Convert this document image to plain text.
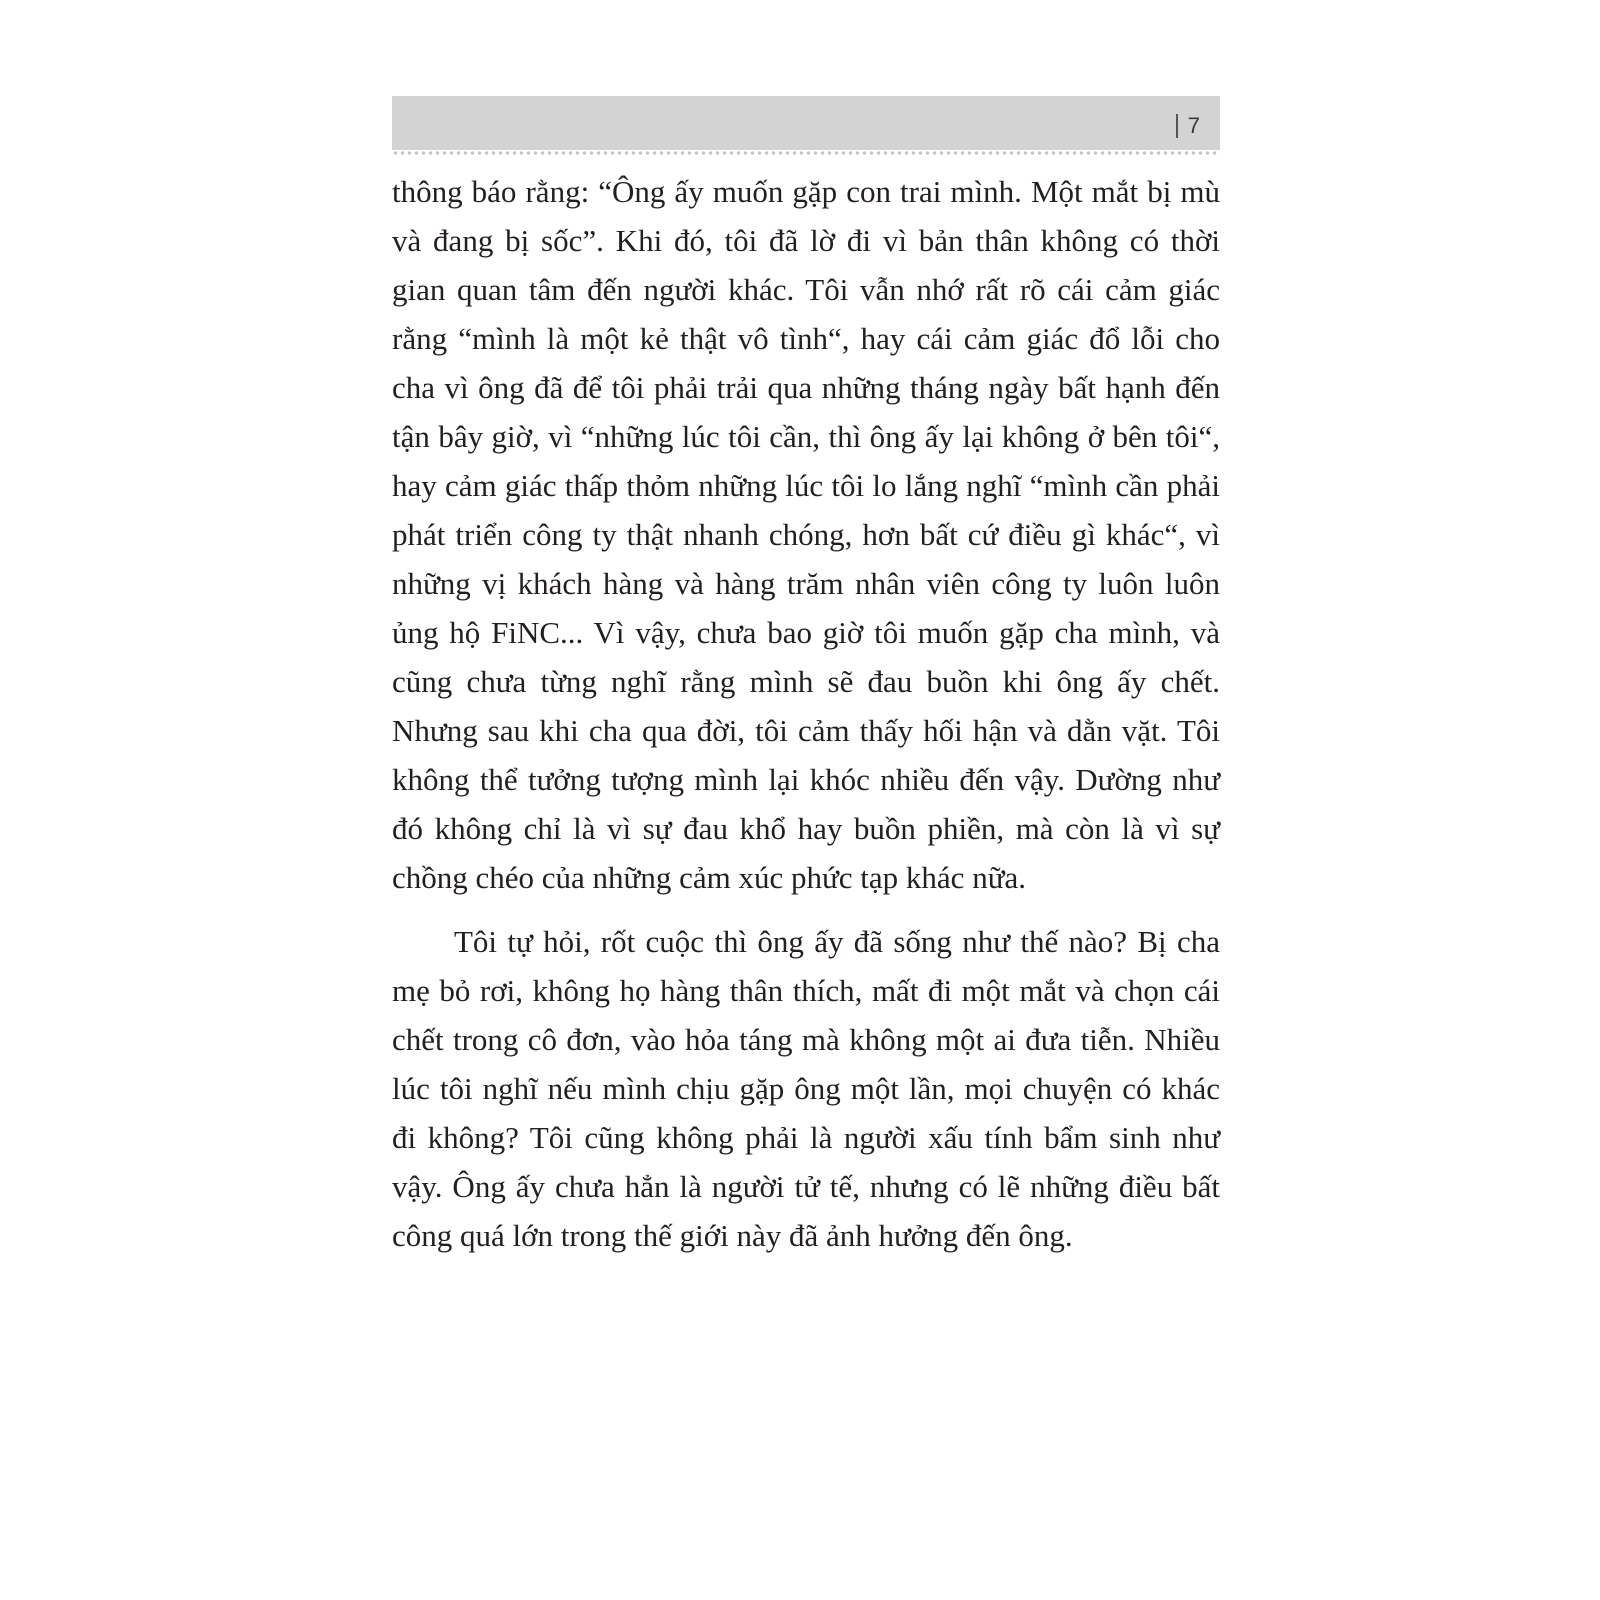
7

thông báo rằng: “Ông ấy muốn gặp con trai mình. Một mắt bị mù và đang bị sốc”. Khi đó, tôi đã lờ đi vì bản thân không có thời gian quan tâm đến người khác. Tôi vẫn nhớ rất rõ cái cảm giác rằng “mình là một kẻ thật vô tình“, hay cái cảm giác đổ lỗi cho cha vì ông đã để tôi phải trải qua những tháng ngày bất hạnh đến tận bây giờ, vì “những lúc tôi cần, thì ông ấy lại không ở bên tôi“, hay cảm giác thấp thỏm những lúc tôi lo lắng nghĩ “mình cần phải phát triển công ty thật nhanh chóng, hơn bất cứ điều gì khác“, vì những vị khách hàng và hàng trăm nhân viên công ty luôn luôn ủng hộ FiNC... Vì vậy, chưa bao giờ tôi muốn gặp cha mình, và cũng chưa từng nghĩ rằng mình sẽ đau buồn khi ông ấy chết. Nhưng sau khi cha qua đời, tôi cảm thấy hối hận và dằn vặt. Tôi không thể tưởng tượng mình lại khóc nhiều đến vậy. Dường như đó không chỉ là vì sự đau khổ hay buồn phiền, mà còn là vì sự chồng chéo của những cảm xúc phức tạp khác nữa.

Tôi tự hỏi, rốt cuộc thì ông ấy đã sống như thế nào? Bị cha mẹ bỏ rơi, không họ hàng thân thích, mất đi một mắt và chọn cái chết trong cô đơn, vào hỏa táng mà không một ai đưa tiễn. Nhiều lúc tôi nghĩ nếu mình chịu gặp ông một lần, mọi chuyện có khác đi không? Tôi cũng không phải là người xấu tính bẩm sinh như vậy. Ông ấy chưa hẳn là người tử tế, nhưng có lẽ những điều bất công quá lớn trong thế giới này đã ảnh hưởng đến ông.
